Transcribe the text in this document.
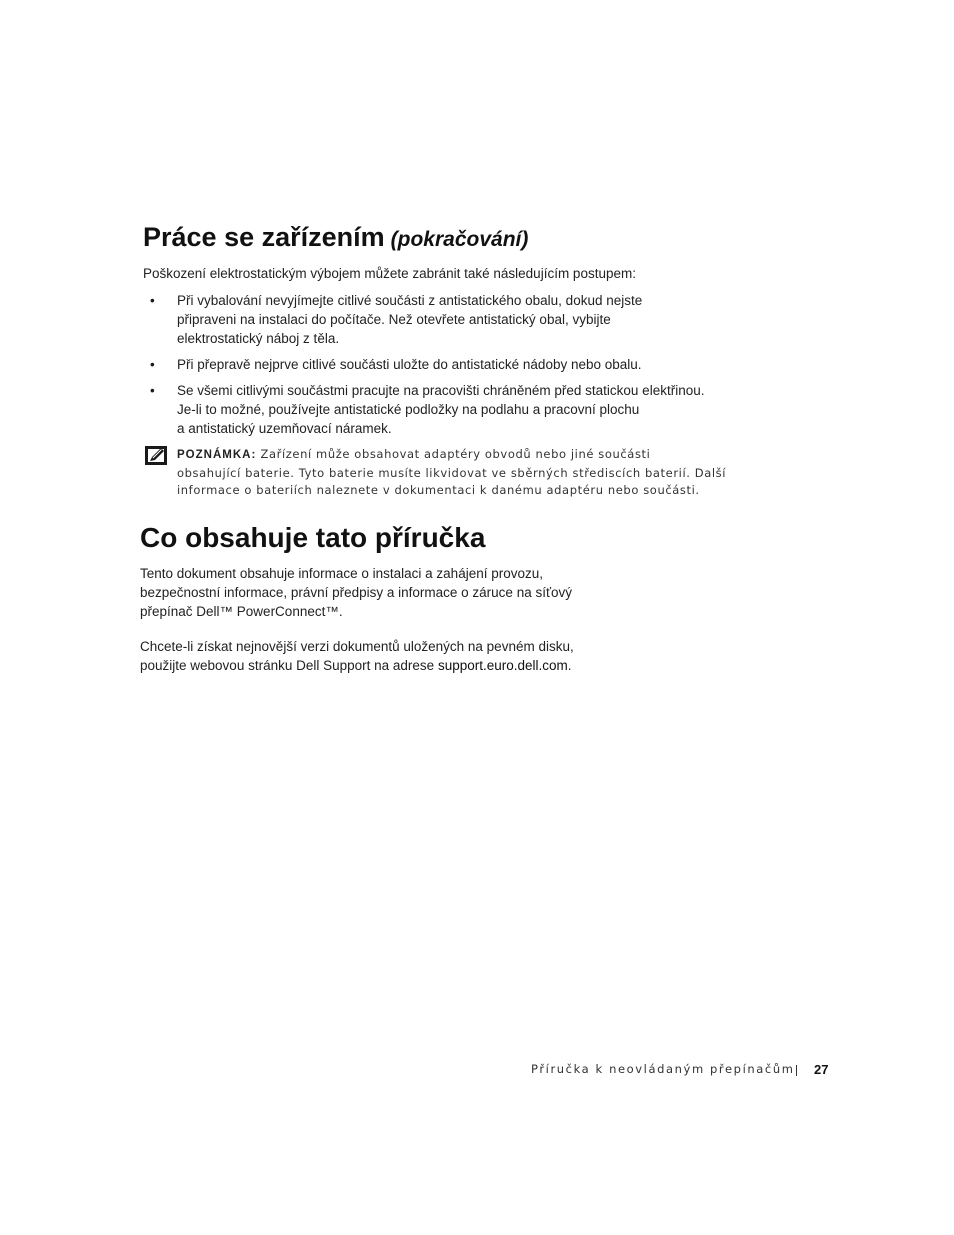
Práce se zařízením (pokračování)

Poškození elektrostatickým výbojem můžete zabránit také následujícím postupem:

• Při vybalování nevyjímejte citlivé součásti z antistatického obalu, dokud nejste
připraveni na instalaci do počítače. Než otevřete antistatický obal, vybijte
elektrostatický náboj z těla.
• Při přepravě nejprve citlivé součásti uložte do antistatické nádoby nebo obalu.
• Se všemi citlivými součástmi pracujte na pracovišti chráněném před statickou elektřinou.
Je-li to možné, používejte antistatické podložky na podlahu a pracovní plochu
a antistatický uzemňovací náramek.
POZNÁMKA: Zařízení může obsahovat adaptéry obvodů nebo jiné součásti
obsahující baterie. Tyto baterie musíte likvidovat ve sběrných střediscích baterií. Další
informace o bateriích naleznete v dokumentaci k danému adaptéru nebo součásti.
Co obsahuje tato příručka

Tento dokument obsahuje informace o instalaci a zahájení provozu,
bezpečnostní informace, právní předpisy a informace o záruce na síťový
přepínač Dell™ PowerConnect™.

Chcete-li získat nejnovější verzi dokumentů uložených na pevném disku,
použijte webovou stránku Dell Support na adrese support.euro.dell.com.

Příručka k neovládaným přepínačům 27
